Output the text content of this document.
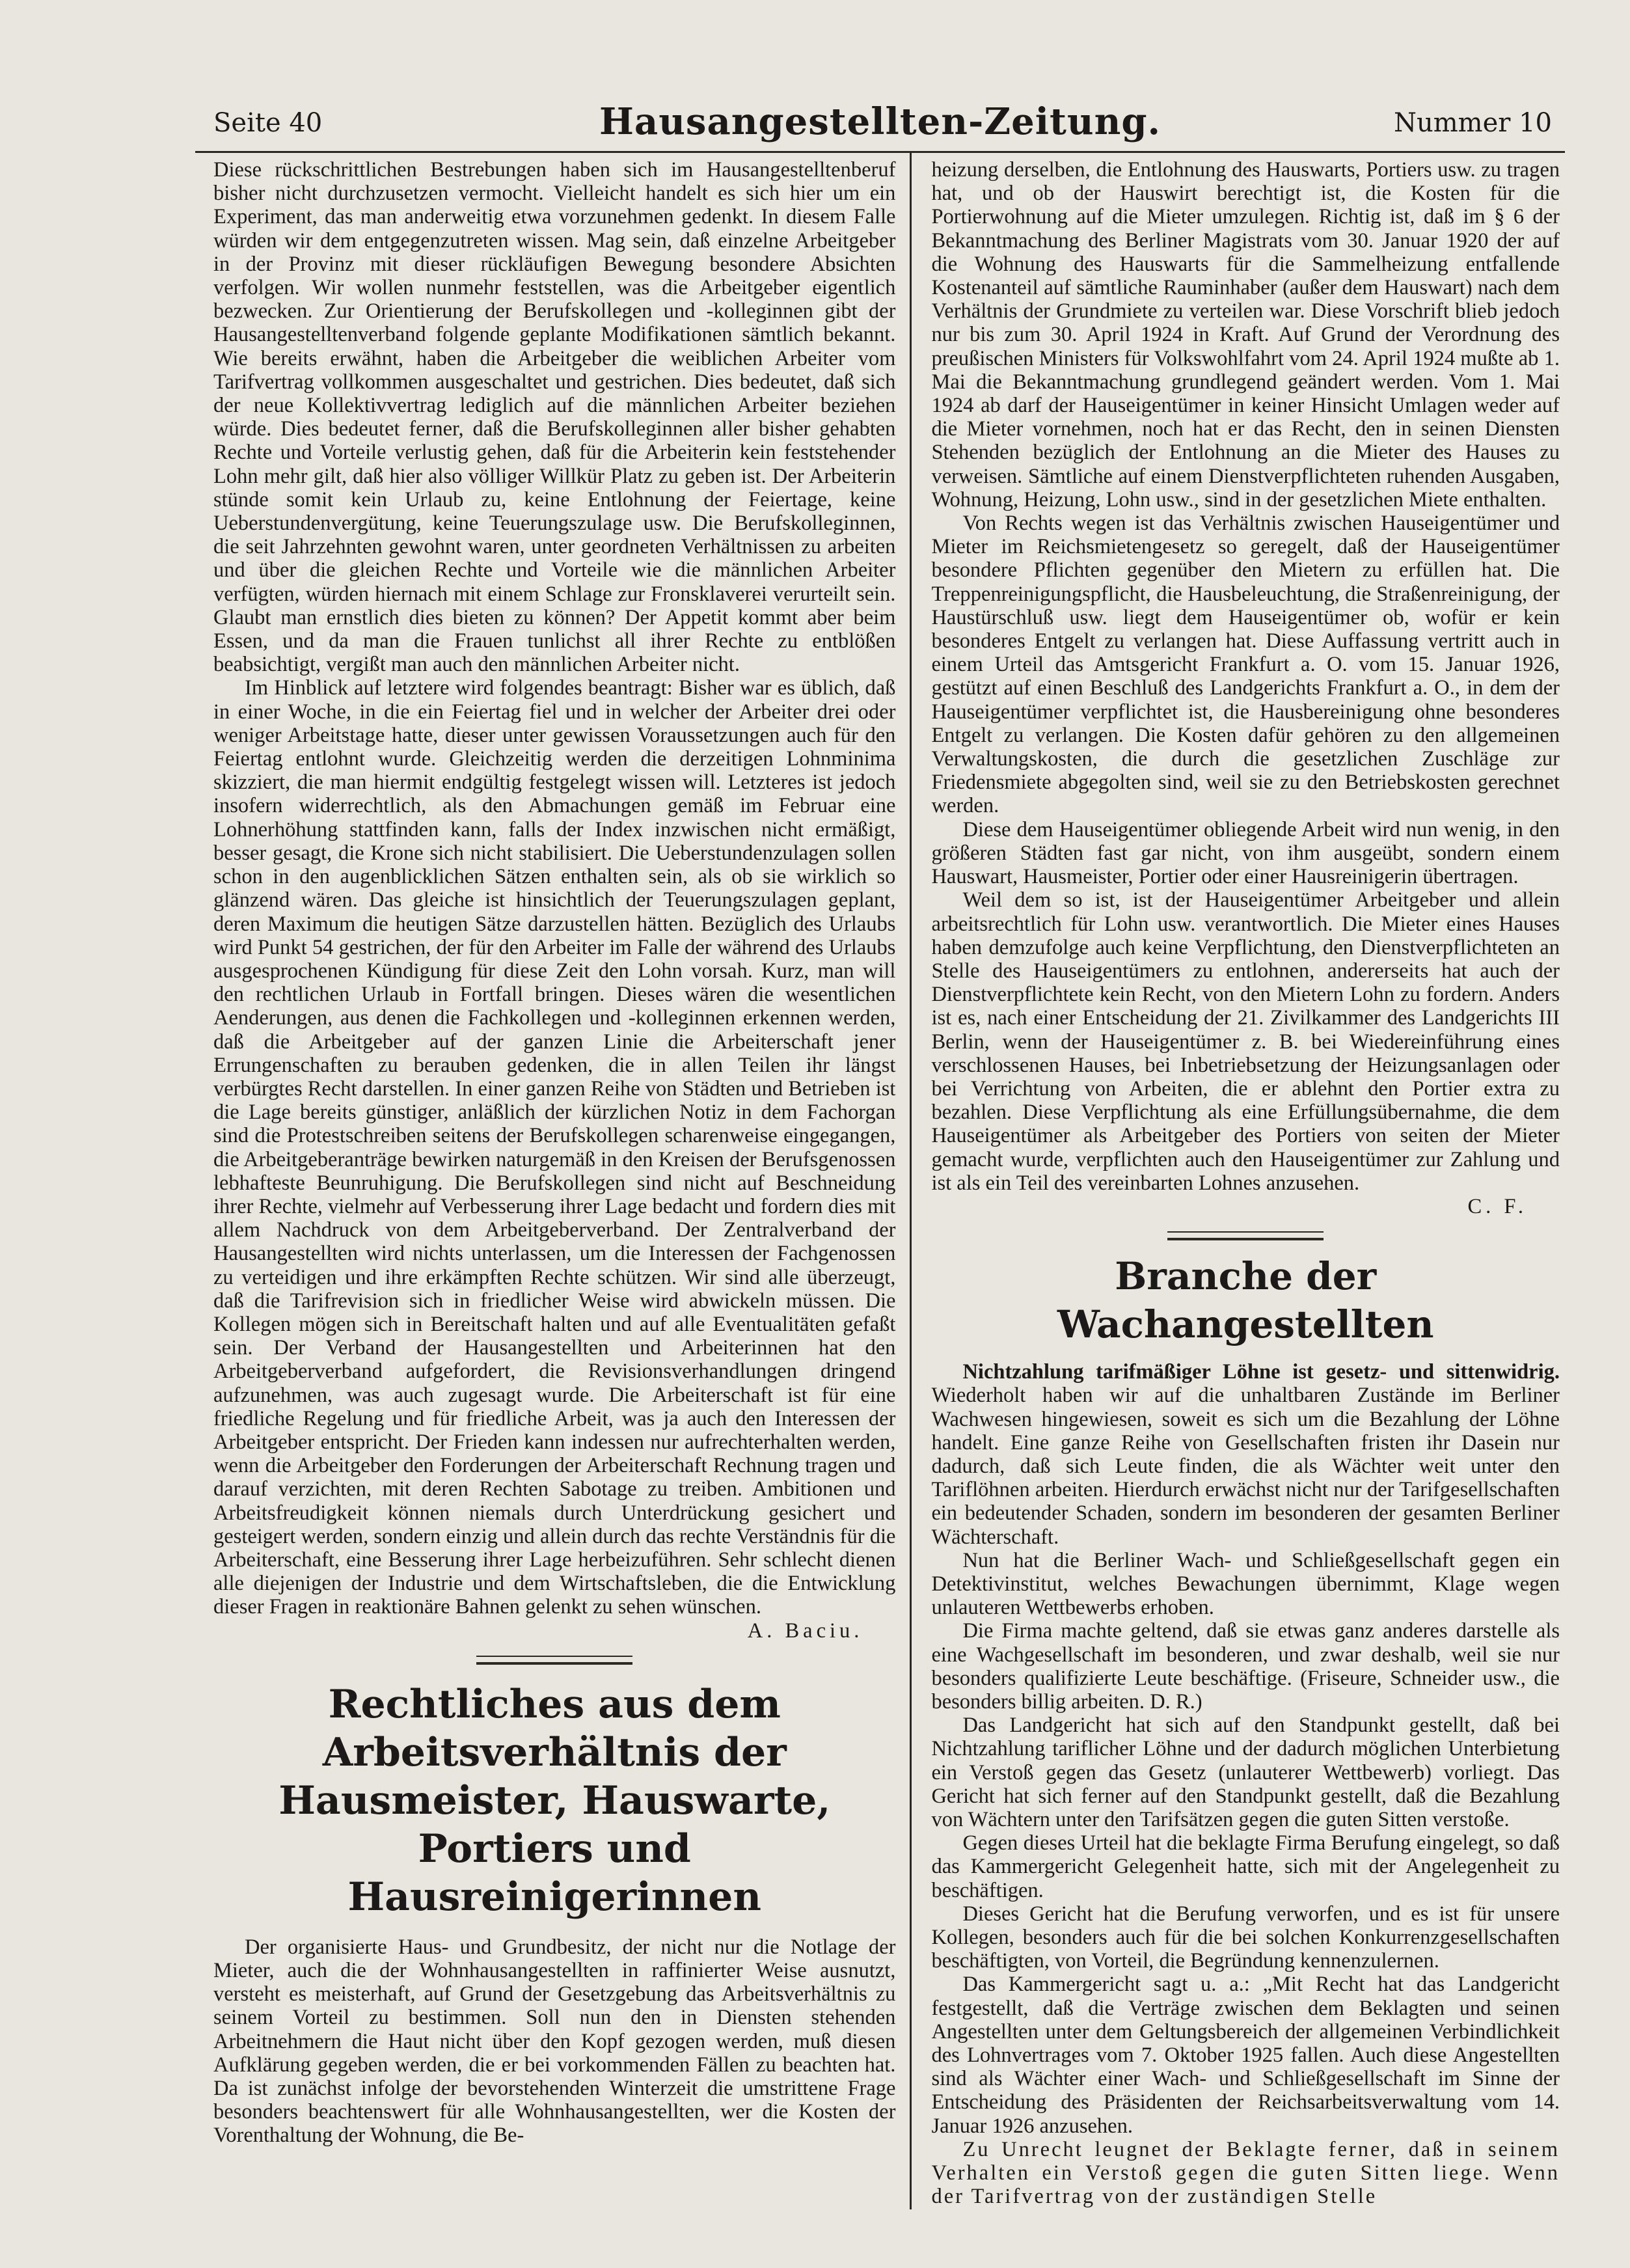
Seite 40	Hausangestellten-Zeitung.	Nummer 10

Diese rückschrittlichen Bestrebungen haben sich im Hausangestelltenberuf bisher nicht durchzusetzen vermocht. Vielleicht handelt es sich hier um ein Experiment, das man anderweitig etwa vorzunehmen gedenkt. In diesem Falle würden wir dem entgegenzutreten wissen. Mag sein, daß einzelne Arbeitgeber in der Provinz mit dieser rückläufigen Bewegung besondere Absichten verfolgen. Wir wollen nunmehr feststellen, was die Arbeitgeber eigentlich bezwecken. Zur Orientierung der Berufskollegen und -kolleginnen gibt der Hausangestelltenverband folgende geplante Modifikationen sämtlich bekannt. Wie bereits erwähnt, haben die Arbeitgeber die weiblichen Arbeiter vom Tarifvertrag vollkommen ausgeschaltet und gestrichen. Dies bedeutet, daß sich der neue Kollektivvertrag lediglich auf die männlichen Arbeiter beziehen würde. Dies bedeutet ferner, daß die Berufskolleginnen aller bisher gehabten Rechte und Vorteile verlustig gehen, daß für die Arbeiterin kein feststehender Lohn mehr gilt, daß hier also völliger Willkür Platz zu geben ist. Der Arbeiterin stünde somit kein Urlaub zu, keine Entlohnung der Feiertage, keine Ueberstundenvergütung, keine Teuerungszulage usw. Die Berufskolleginnen, die seit Jahrzehnten gewohnt waren, unter geordneten Verhältnissen zu arbeiten und über die gleichen Rechte und Vorteile wie die männlichen Arbeiter verfügten, würden hiernach mit einem Schlage zur Fronsklaverei verurteilt sein. Glaubt man ernstlich dies bieten zu können? Der Appetit kommt aber beim Essen, und da man die Frauen tunlichst all ihrer Rechte zu entblößen beabsichtigt, vergißt man auch den männlichen Arbeiter nicht.

Im Hinblick auf letztere wird folgendes beantragt: Bisher war es üblich, daß in einer Woche, in die ein Feiertag fiel und in welcher der Arbeiter drei oder weniger Arbeitstage hatte, dieser unter gewissen Voraussetzungen auch für den Feiertag entlohnt wurde. Gleichzeitig werden die derzeitigen Lohnminima skizziert, die man hiermit endgültig festgelegt wissen will. Letzteres ist jedoch insofern widerrechtlich, als den Abmachungen gemäß im Februar eine Lohnerhöhung stattfinden kann, falls der Index inzwischen nicht ermäßigt, besser gesagt, die Krone sich nicht stabilisiert. Die Ueberstundenzulagen sollen schon in den augenblicklichen Sätzen enthalten sein, als ob sie wirklich so glänzend wären. Das gleiche ist hinsichtlich der Teuerungszulagen geplant, deren Maximum die heutigen Sätze darzustellen hätten. Bezüglich des Urlaubs wird Punkt 54 gestrichen, der für den Arbeiter im Falle der während des Urlaubs ausgesprochenen Kündigung für diese Zeit den Lohn vorsah. Kurz, man will den rechtlichen Urlaub in Fortfall bringen. Dieses wären die wesentlichen Aenderungen, aus denen die Fachkollegen und -kolleginnen erkennen werden, daß die Arbeitgeber auf der ganzen Linie die Arbeiterschaft jener Errungenschaften zu berauben gedenken, die in allen Teilen ihr längst verbürgtes Recht darstellen. In einer ganzen Reihe von Städten und Betrieben ist die Lage bereits günstiger, anläßlich der kürzlichen Notiz in dem Fachorgan sind die Protestschreiben seitens der Berufskollegen scharenweise eingegangen, die Arbeitgeberanträge bewirken naturgemäß in den Kreisen der Berufsgenossen lebhafteste Beunruhigung. Die Berufskollegen sind nicht auf Beschneidung ihrer Rechte, vielmehr auf Verbesserung ihrer Lage bedacht und fordern dies mit allem Nachdruck von dem Arbeitgeberverband. Der Zentralverband der Hausangestellten wird nichts unterlassen, um die Interessen der Fachgenossen zu verteidigen und ihre erkämpften Rechte schützen. Wir sind alle überzeugt, daß die Tarifrevision sich in friedlicher Weise wird abwickeln müssen. Die Kollegen mögen sich in Bereitschaft halten und auf alle Eventualitäten gefaßt sein. Der Verband der Hausangestellten und Arbeiterinnen hat den Arbeitgeberverband aufgefordert, die Revisionsverhandlungen dringend aufzunehmen, was auch zugesagt wurde. Die Arbeiterschaft ist für eine friedliche Regelung und für friedliche Arbeit, was ja auch den Interessen der Arbeitgeber entspricht. Der Frieden kann indessen nur aufrechterhalten werden, wenn die Arbeitgeber den Forderungen der Arbeiterschaft Rechnung tragen und darauf verzichten, mit deren Rechten Sabotage zu treiben. Ambitionen und Arbeitsfreudigkeit können niemals durch Unterdrückung gesichert und gesteigert werden, sondern einzig und allein durch das rechte Verständnis für die Arbeiterschaft, eine Besserung ihrer Lage herbeizuführen. Sehr schlecht dienen alle diejenigen der Industrie und dem Wirtschaftsleben, die die Entwicklung dieser Fragen in reaktionäre Bahnen gelenkt zu sehen wünschen.

A. Baciu.
Rechtliches aus dem Arbeitsverhältnis der Hausmeister, Hauswarte, Portiers und Hausreinigerinnen

Der organisierte Haus- und Grundbesitz, der nicht nur die Notlage der Mieter, auch die der Wohnhausangestellten in raffinierter Weise ausnutzt, versteht es meisterhaft, auf Grund der Gesetzgebung das Arbeitsverhältnis zu seinem Vorteil zu bestimmen. Soll nun den in Diensten stehenden Arbeitnehmern die Haut nicht über den Kopf gezogen werden, muß diesen Aufklärung gegeben werden, die er bei vorkommenden Fällen zu beachten hat. Da ist zunächst infolge der bevorstehenden Winterzeit die umstrittene Frage besonders beachtenswert für alle Wohnhausangestellten, wer die Kosten der Vorenthaltung der Wohnung, die Be-

heizung derselben, die Entlohnung des Hauswarts, Portiers usw. zu tragen hat, und ob der Hauswirt berechtigt ist, die Kosten für die Portierwohnung auf die Mieter umzulegen. Richtig ist, daß im § 6 der Bekanntmachung des Berliner Magistrats vom 30. Januar 1920 der auf die Wohnung des Hauswarts für die Sammelheizung entfallende Kostenanteil auf sämtliche Rauminhaber (außer dem Hauswart) nach dem Verhältnis der Grundmiete zu verteilen war. Diese Vorschrift blieb jedoch nur bis zum 30. April 1924 in Kraft. Auf Grund der Verordnung des preußischen Ministers für Volkswohlfahrt vom 24. April 1924 mußte ab 1. Mai die Bekanntmachung grundlegend geändert werden. Vom 1. Mai 1924 ab darf der Hauseigentümer in keiner Hinsicht Umlagen weder auf die Mieter vornehmen, noch hat er das Recht, den in seinen Diensten Stehenden bezüglich der Entlohnung an die Mieter des Hauses zu verweisen. Sämtliche auf einem Dienstverpflichteten ruhenden Ausgaben, Wohnung, Heizung, Lohn usw., sind in der gesetzlichen Miete enthalten.

Von Rechts wegen ist das Verhältnis zwischen Hauseigentümer und Mieter im Reichsmietengesetz so geregelt, daß der Hauseigentümer besondere Pflichten gegenüber den Mietern zu erfüllen hat. Die Treppenreinigungspflicht, die Hausbeleuchtung, die Straßenreinigung, der Haustürschluß usw. liegt dem Hauseigentümer ob, wofür er kein besonderes Entgelt zu verlangen hat. Diese Auffassung vertritt auch in einem Urteil das Amtsgericht Frankfurt a. O. vom 15. Januar 1926, gestützt auf einen Beschluß des Landgerichts Frankfurt a. O., in dem der Hauseigentümer verpflichtet ist, die Hausbereinigung ohne besonderes Entgelt zu verlangen. Die Kosten dafür gehören zu den allgemeinen Verwaltungskosten, die durch die gesetzlichen Zuschläge zur Friedensmiete abgegolten sind, weil sie zu den Betriebskosten gerechnet werden.

Diese dem Hauseigentümer obliegende Arbeit wird nun wenig, in den größeren Städten fast gar nicht, von ihm ausgeübt, sondern einem Hauswart, Hausmeister, Portier oder einer Hausreinigerin übertragen.

Weil dem so ist, ist der Hauseigentümer Arbeitgeber und allein arbeitsrechtlich für Lohn usw. verantwortlich. Die Mieter eines Hauses haben demzufolge auch keine Verpflichtung, den Dienstverpflichteten an Stelle des Hauseigentümers zu entlohnen, andererseits hat auch der Dienstverpflichtete kein Recht, von den Mietern Lohn zu fordern. Anders ist es, nach einer Entscheidung der 21. Zivilkammer des Landgerichts III Berlin, wenn der Hauseigentümer z. B. bei Wiedereinführung eines verschlossenen Hauses, bei Inbetriebsetzung der Heizungsanlagen oder bei Verrichtung von Arbeiten, die er ablehnt den Portier extra zu bezahlen. Diese Verpflichtung als eine Erfüllungsübernahme, die dem Hauseigentümer als Arbeitgeber des Portiers von seiten der Mieter gemacht wurde, verpflichten auch den Hauseigentümer zur Zahlung und ist als ein Teil des vereinbarten Lohnes anzusehen.

C. F.
Branche der Wachangestellten

Nichtzahlung tarifmäßiger Löhne ist gesetz- und sittenwidrig. Wiederholt haben wir auf die unhaltbaren Zustände im Berliner Wachwesen hingewiesen, soweit es sich um die Bezahlung der Löhne handelt. Eine ganze Reihe von Gesellschaften fristen ihr Dasein nur dadurch, daß sich Leute finden, die als Wächter weit unter den Tariflöhnen arbeiten. Hierdurch erwächst nicht nur der Tarifgesellschaften ein bedeutender Schaden, sondern im besonderen der gesamten Berliner Wächterschaft.

Nun hat die Berliner Wach- und Schließgesellschaft gegen ein Detektivinstitut, welches Bewachungen übernimmt, Klage wegen unlauteren Wettbewerbs erhoben.

Die Firma machte geltend, daß sie etwas ganz anderes darstelle als eine Wachgesellschaft im besonderen, und zwar deshalb, weil sie nur besonders qualifizierte Leute beschäftige. (Friseure, Schneider usw., die besonders billig arbeiten. D. R.)

Das Landgericht hat sich auf den Standpunkt gestellt, daß bei Nichtzahlung tariflicher Löhne und der dadurch möglichen Unterbietung ein Verstoß gegen das Gesetz (unlauterer Wettbewerb) vorliegt. Das Gericht hat sich ferner auf den Standpunkt gestellt, daß die Bezahlung von Wächtern unter den Tarifsätzen gegen die guten Sitten verstoße.

Gegen dieses Urteil hat die beklagte Firma Berufung eingelegt, so daß das Kammergericht Gelegenheit hatte, sich mit der Angelegenheit zu beschäftigen.

Dieses Gericht hat die Berufung verworfen, und es ist für unsere Kollegen, besonders auch für die bei solchen Konkurrenzgesellschaften beschäftigten, von Vorteil, die Begründung kennenzulernen.

Das Kammergericht sagt u. a.: „Mit Recht hat das Landgericht festgestellt, daß die Verträge zwischen dem Beklagten und seinen Angestellten unter dem Geltungsbereich der allgemeinen Verbindlichkeit des Lohnvertrages vom 7. Oktober 1925 fallen. Auch diese Angestellten sind als Wächter einer Wach- und Schließgesellschaft im Sinne der Entscheidung des Präsidenten der Reichsarbeitsverwaltung vom 14. Januar 1926 anzusehen.

Zu Unrecht leugnet der Beklagte ferner, daß in seinem Verhalten ein Verstoß gegen die guten Sitten liege. Wenn der Tarifvertrag von der zuständigen Stelle
